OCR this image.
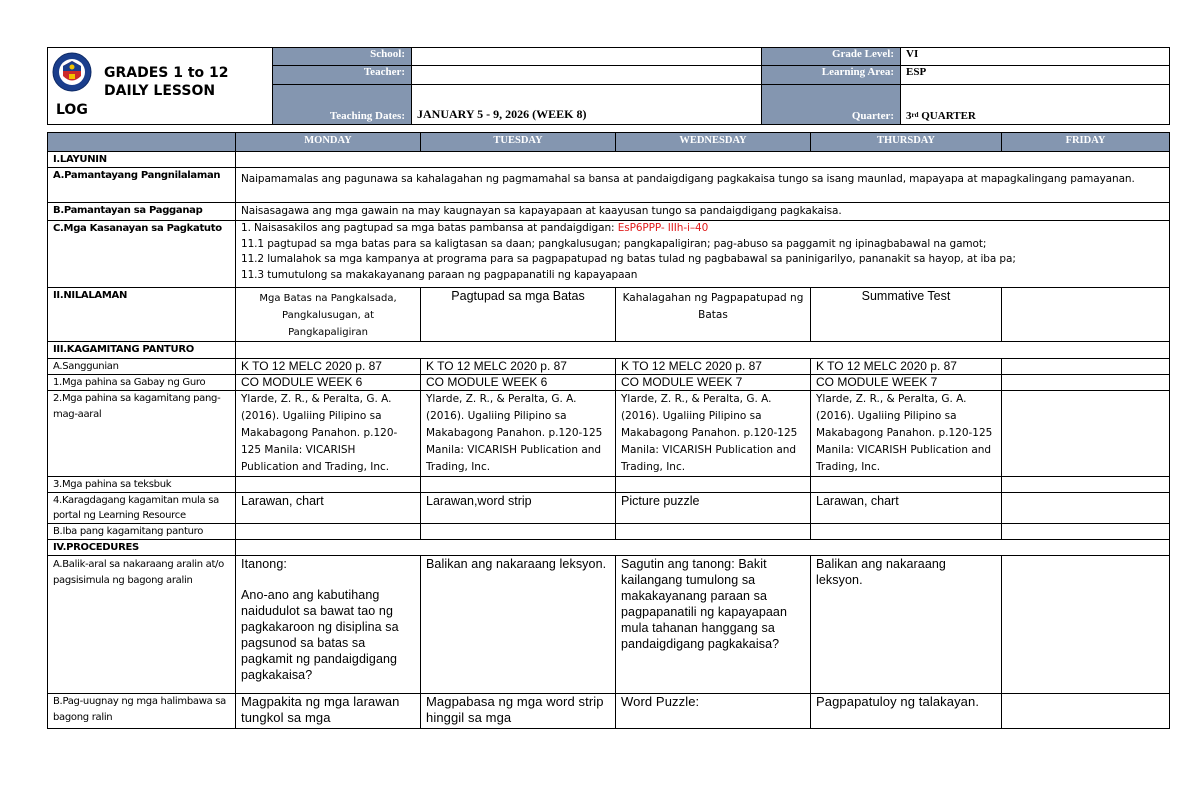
GRADES 1 to 12
DAILY LESSON
LOG	School:		Grade Level:	VI
	Teacher:		Learning Area:	ESP
	Teaching Dates:	JANUARY 5 - 9, 2026 (WEEK 8)	Quarter:	3rd QUARTER
	MONDAY	TUESDAY	WEDNESDAY	THURSDAY	FRIDAY
I.LAYUNIN					
A.Pamantayang Pangnilalaman	Naipamamalas ang pagunawa sa kahalagahan ng pagmamahal sa bansa at pandaigdigang pagkakaisa tungo sa isang maunlad, mapayapa at mapagkalingang pamayanan.				
B.Pamantayan sa Pagganap	Naisasagawa ang mga gawain na may kaugnayan sa kapayapaan at kaayusan tungo sa pandaigdigang pagkakaisa.				
C.Mga Kasanayan sa Pagkatuto	1. Naisasakilos ang pagtupad sa mga batas pambansa at pandaigdigan: EsP6PPP- IIIh-i–40
11.1 pagtupad sa mga batas para sa kaligtasan sa daan; pangkalusugan; pangkapaligiran; pag-abuso sa paggamit ng ipinagbabawal na gamot;
11.2 lumalahok sa mga kampanya at programa para sa pagpapatupad ng batas tulad ng pagbabawal sa paninigarilyo, pananakit sa hayop, at iba pa;
11.3 tumutulong sa makakayanang paraan ng pagpapanatili ng kapayapaan				

II.NILALAMAN	Mga Batas na Pangkalsada, Pangkalusugan, at Pangkapaligiran	Pagtupad sa mga Batas	Kahalagahan ng Pagpapatupad ng Batas	Summative Test	
III.KAGAMITANG PANTURO					
A.Sanggunian	K TO 12 MELC 2020 p. 87	K TO 12 MELC 2020 p. 87	K TO 12 MELC 2020 p. 87	K TO 12 MELC 2020 p. 87	
1.Mga pahina sa Gabay ng Guro	CO MODULE WEEK 6	CO MODULE WEEK 6	CO MODULE WEEK 7	CO MODULE WEEK 7	
2.Mga pahina sa kagamitang pang-mag-aaral	Ylarde, Z. R., & Peralta, G. A. (2016). Ugaliing Pilipino sa Makabagong Panahon. p.120-125 Manila: VICARISH Publication and Trading, Inc.	Ylarde, Z. R., & Peralta, G. A. (2016). Ugaliing Pilipino sa Makabagong Panahon. p.120-125 Manila: VICARISH Publication and Trading, Inc.	Ylarde, Z. R., & Peralta, G. A. (2016). Ugaliing Pilipino sa Makabagong Panahon. p.120-125 Manila: VICARISH Publication and Trading, Inc.	Ylarde, Z. R., & Peralta, G. A. (2016). Ugaliing Pilipino sa Makabagong Panahon. p.120-125 Manila: VICARISH Publication and Trading, Inc.	
3.Mga pahina sa teksbuk					
4.Karagdagang kagamitan mula sa portal ng Learning Resource	Larawan, chart	Larawan,word strip	Picture puzzle	Larawan, chart	
B.Iba pang kagamitang panturo					
IV.PROCEDURES					
A.Balik-aral sa nakaraang aralin at/o pagsisimula ng bagong aralin	Itanong:
Ano-ano ang kabutihang naidudulot sa bawat tao ng pagkakaroon ng disiplina sa pagsunod sa batas sa pagkamit ng pandaigdigang pagkakaisa?	Balikan ang nakaraang leksyon.	Sagutin ang tanong: Bakit kailangang tumulong sa makakayanang paraan sa pagpapanatili ng kapayapaan mula tahanan hanggang sa pandaigdigang pagkakaisa?	Balikan ang nakaraang leksyon.	
B.Pag-uugnay ng mga halimbawa sa bagong ralin	Magpakita ng mga larawan tungkol sa mga	Magpabasa ng mga word strip hinggil sa mga	Word Puzzle:	Pagpapatuloy ng talakayan.	
